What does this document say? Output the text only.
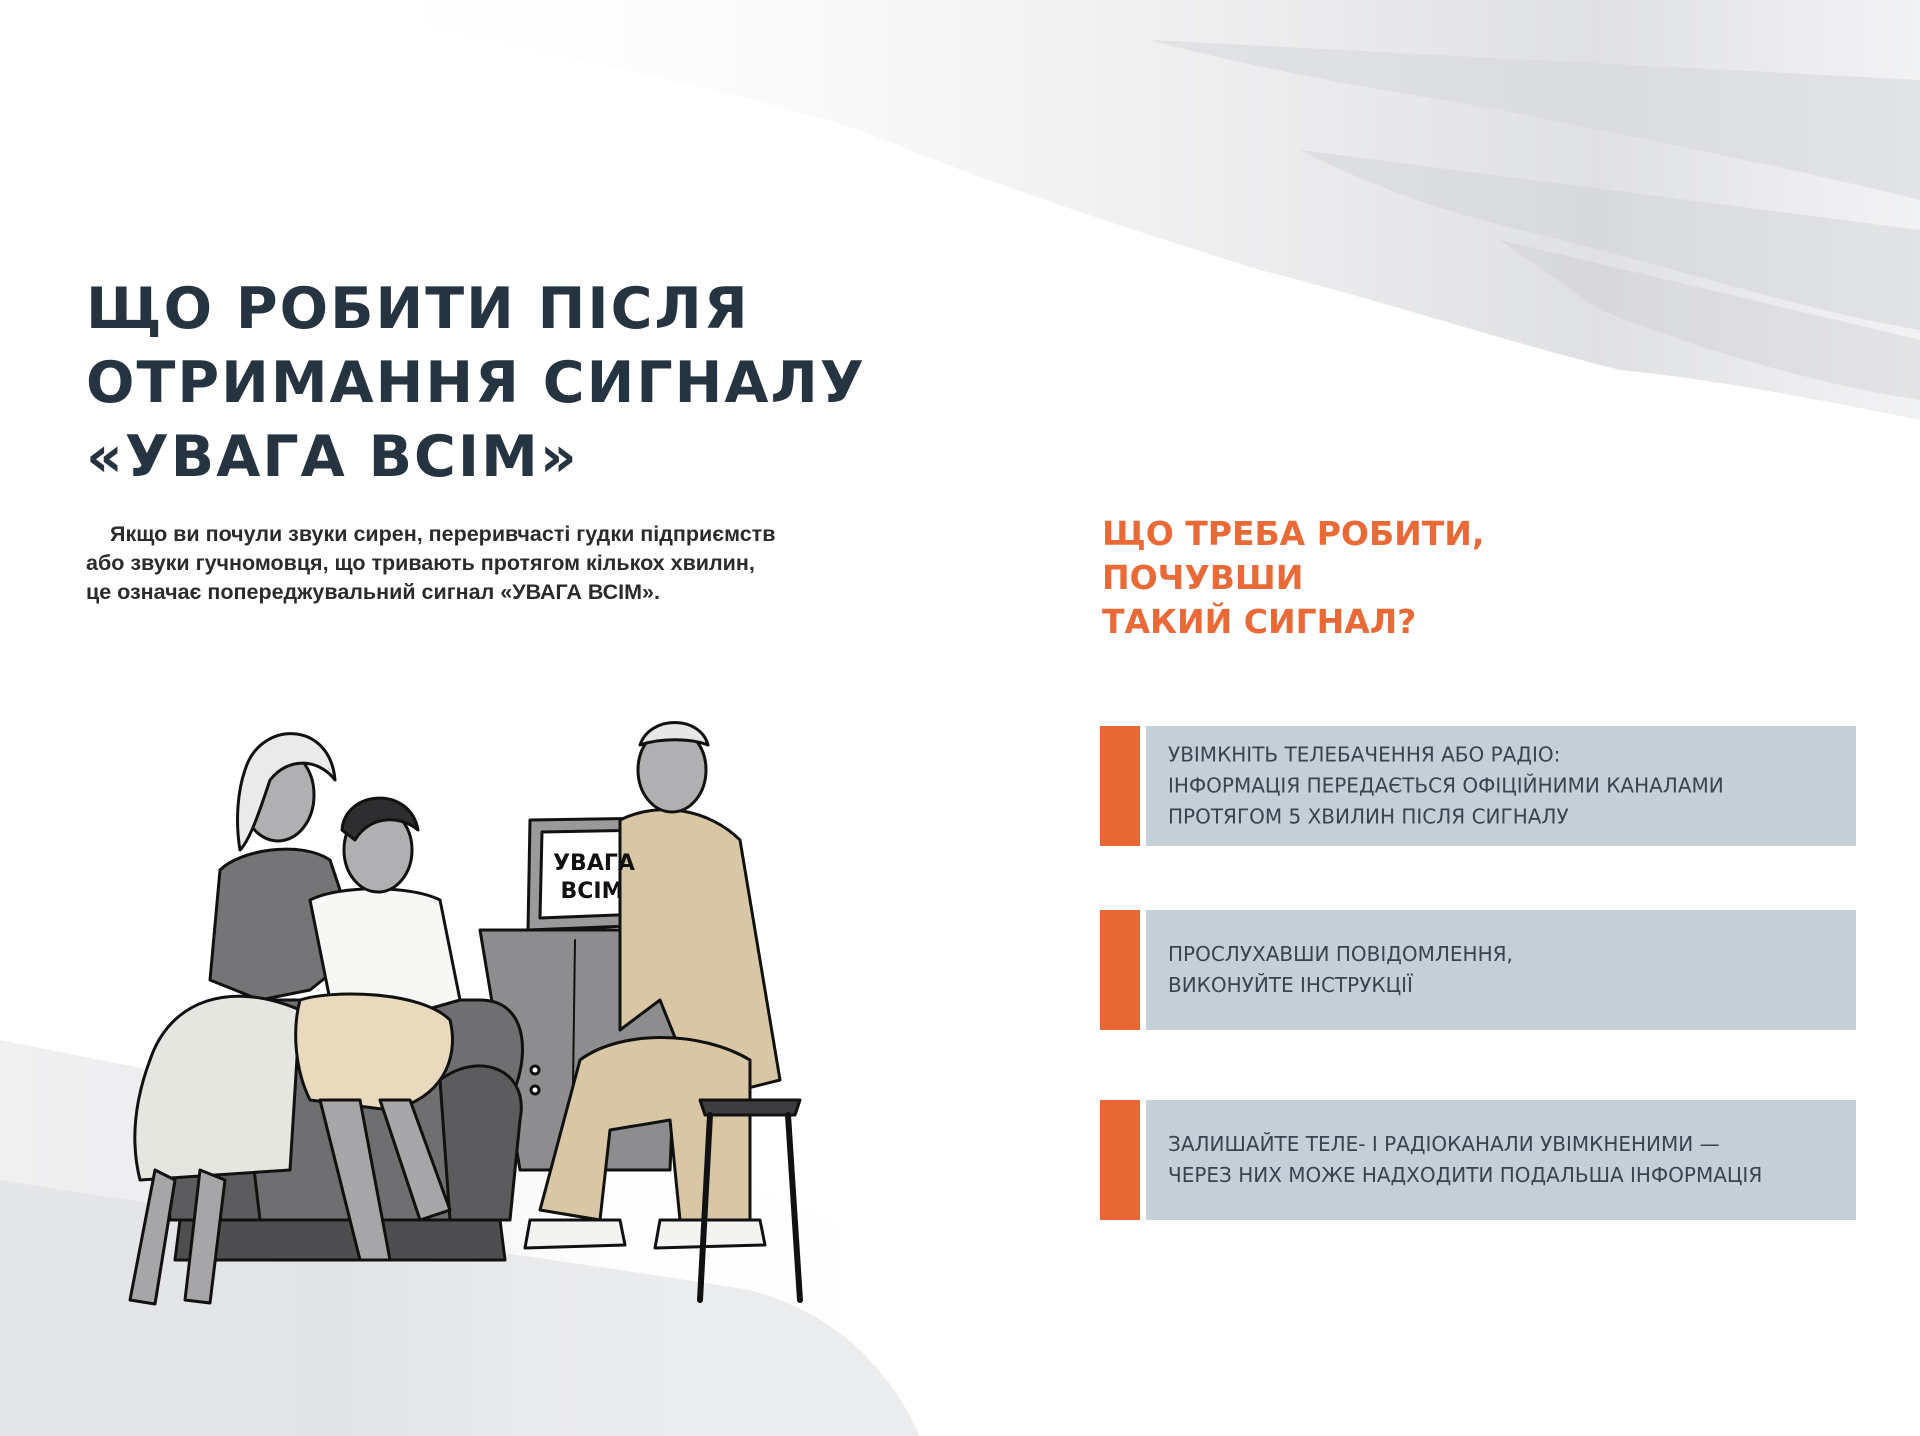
ЩО РОБИТИ ПІСЛЯ
ОТРИМАННЯ СИГНАЛУ
«УВАГА ВСІМ»

Якщо ви почули звуки сирен, переривчасті гудки підприємств
або звуки гучномовця, що тривають протягом кількох хвилин,
це означає попереджувальний сигнал «УВАГА ВСІМ».

ЩО ТРЕБА РОБИТИ,
ПОЧУВШИ
ТАКИЙ СИГНАЛ?
УВІМКНІТЬ ТЕЛЕБАЧЕННЯ АБО РАДІО:
ІНФОРМАЦІЯ ПЕРЕДАЄТЬСЯ ОФІЦІЙНИМИ КАНАЛАМИ
ПРОТЯГОМ 5 ХВИЛИН ПІСЛЯ СИГНАЛУ
ПРОСЛУХАВШИ ПОВІДОМЛЕННЯ,
ВИКОНУЙТЕ ІНСТРУКЦІЇ
ЗАЛИШАЙТЕ ТЕЛЕ- І РАДІОКАНАЛИ УВІМКНЕНИМИ —
ЧЕРЕЗ НИХ МОЖЕ НАДХОДИТИ ПОДАЛЬША ІНФОРМАЦІЯ
УВАГА
ВСІМ
